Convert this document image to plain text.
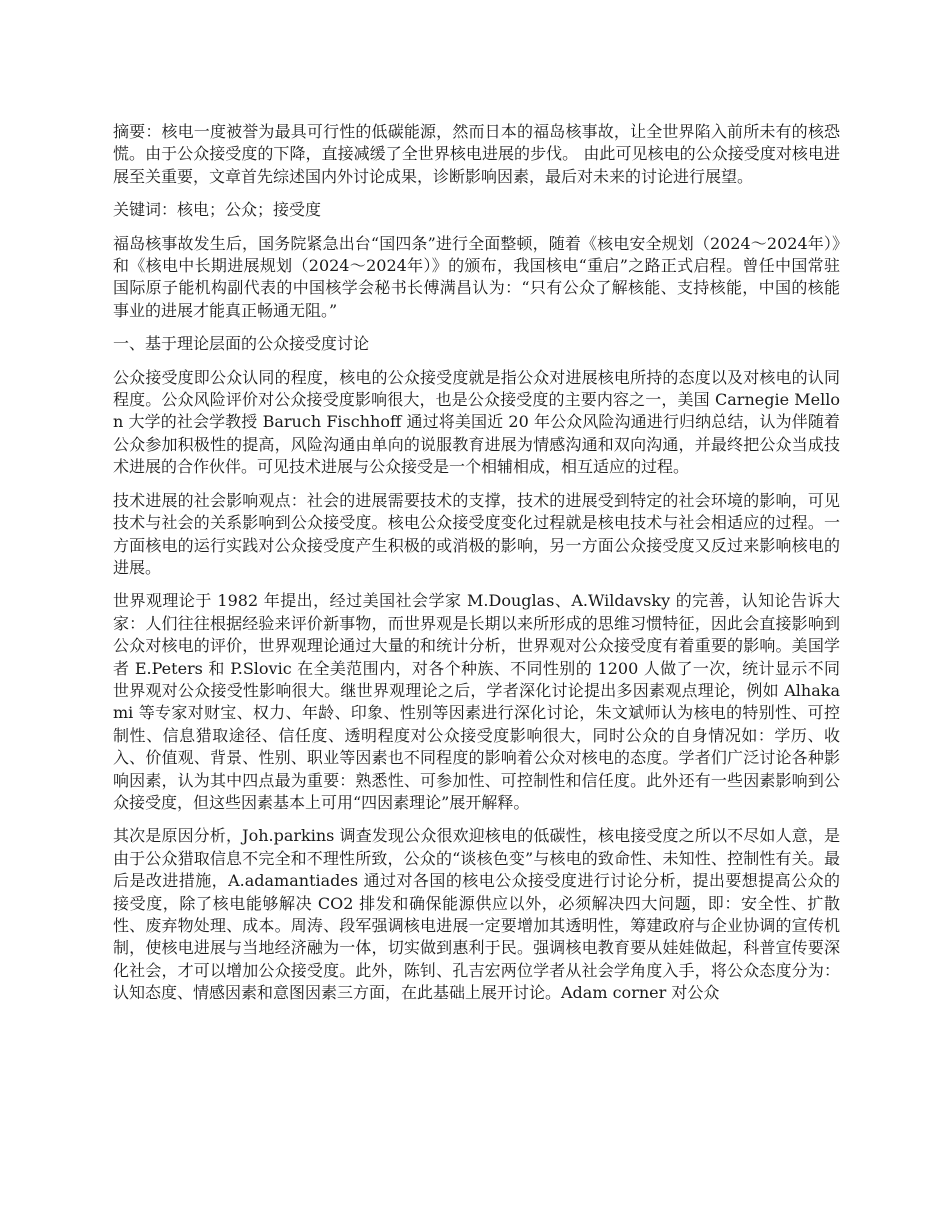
摘要：核电一度被誉为最具可行性的低碳能源，然而日本的福岛核事故，让全世界陷入前所未有的核恐慌。由于公众接受度的下降，直接减缓了全世界核电进展的步伐。 由此可见核电的公众接受度对核电进展至关重要，文章首先综述国内外讨论成果，诊断影响因素，最后对未来的讨论进行展望。

关键词：核电；公众；接受度

福岛核事故发生后，国务院紧急出台“国四条”进行全面整顿，随着《核电安全规划（2024～2024年）》和《核电中长期进展规划（2024～2024年）》的颁布，我国核电“重启”之路正式启程。曾任中国常驻国际原子能机构副代表的中国核学会秘书长傅满昌认为：“只有公众了解核能、支持核能，中国的核能事业的进展才能真正畅通无阻。”

一、基于理论层面的公众接受度讨论

公众接受度即公众认同的程度，核电的公众接受度就是指公众对进展核电所持的态度以及对核电的认同程度。公众风险评价对公众接受度影响很大，也是公众接受度的主要内容之一，美国 Carnegie Mellon 大学的社会学教授 Baruch Fischhoff 通过将美国近 20 年公众风险沟通进行归纳总结，认为伴随着公众参加积极性的提高，风险沟通由单向的说服教育进展为情感沟通和双向沟通，并最终把公众当成技术进展的合作伙伴。可见技术进展与公众接受是一个相辅相成，相互适应的过程。

技术进展的社会影响观点：社会的进展需要技术的支撑，技术的进展受到特定的社会环境的影响，可见技术与社会的关系影响到公众接受度。核电公众接受度变化过程就是核电技术与社会相适应的过程。一方面核电的运行实践对公众接受度产生积极的或消极的影响，另一方面公众接受度又反过来影响核电的进展。

世界观理论于 1982 年提出，经过美国社会学家 M.Douglas、A.Wildavsky 的完善，认知论告诉大家：人们往往根据经验来评价新事物，而世界观是长期以来所形成的思维习惯特征，因此会直接影响到公众对核电的评价，世界观理论通过大量的和统计分析，世界观对公众接受度有着重要的影响。美国学者 E.Peters 和 P.Slovic 在全美范围内，对各个种族、不同性别的 1200 人做了一次，统计显示不同世界观对公众接受性影响很大。继世界观理论之后，学者深化讨论提出多因素观点理论，例如 Alhakami 等专家对财宝、权力、年龄、印象、性别等因素进行深化讨论，朱文斌师认为核电的特别性、可控制性、信息猎取途径、信任度、透明程度对公众接受度影响很大，同时公众的自身情况如：学历、收入、价值观、背景、性别、职业等因素也不同程度的影响着公众对核电的态度。学者们广泛讨论各种影响因素，认为其中四点最为重要：熟悉性、可参加性、可控制性和信任度。此外还有一些因素影响到公众接受度，但这些因素基本上可用“四因素理论”展开解释。

其次是原因分析，Joh.parkins 调查发现公众很欢迎核电的低碳性，核电接受度之所以不尽如人意，是由于公众猎取信息不完全和不理性所致，公众的“谈核色变”与核电的致命性、未知性、控制性有关。最后是改进措施，A.adamantiades 通过对各国的核电公众接受度进行讨论分析，提出要想提高公众的接受度，除了核电能够解决 CO2 排发和确保能源供应以外，必须解决四大问题，即：安全性、扩散性、废弃物处理、成本。周涛、段军强调核电进展一定要增加其透明性，筹建政府与企业协调的宣传机制，使核电进展与当地经济融为一体，切实做到惠利于民。强调核电教育要从娃娃做起，科普宣传要深化社会，才可以增加公众接受度。此外，陈钊、孔吉宏两位学者从社会学角度入手，将公众态度分为：认知态度、情感因素和意图因素三方面，在此基础上展开讨论。Adam corner 对公众
